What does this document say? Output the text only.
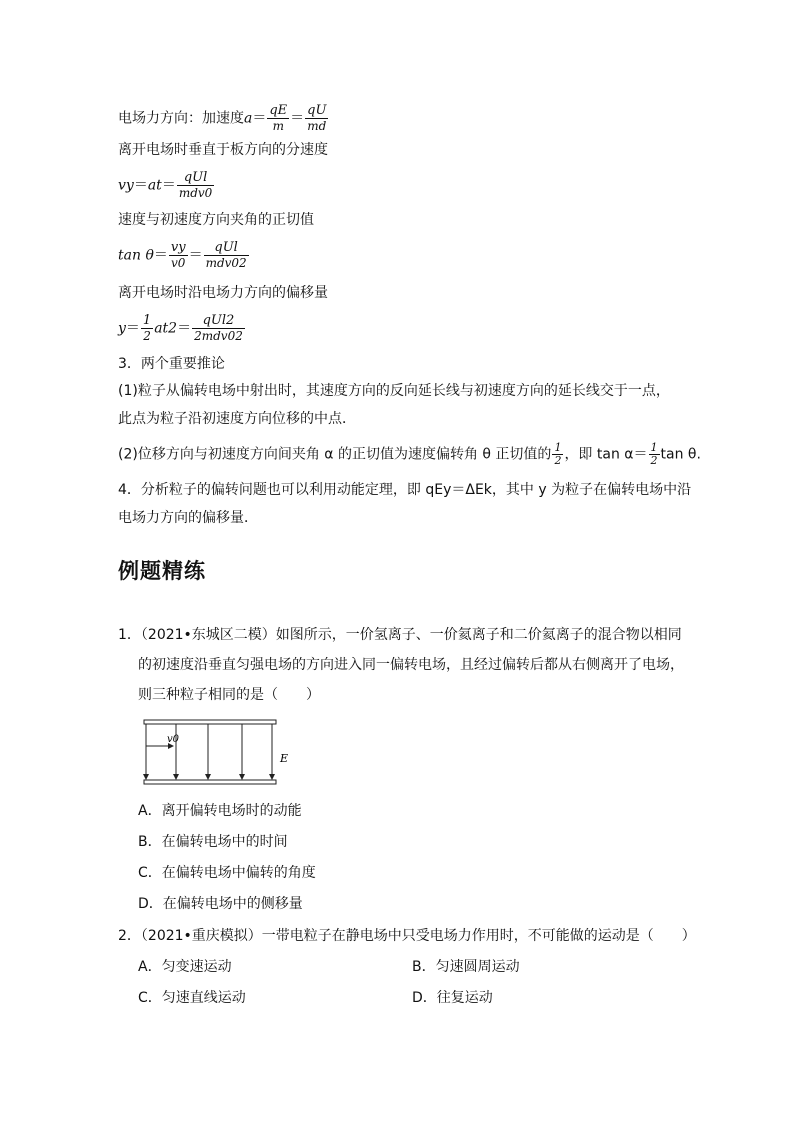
电场力方向：加速度$a= \frac{qE}{m} = \frac{qU}{md}$
离开电场时垂直于板方向的分速度
$vy=at= \frac{\text{qUl}}{\text{mdv0}}$
速度与初速度方向夹角的正切值
$\tan \theta= \frac{vy}{v0} = \frac{\text{qUl}}{\text{mdv02}}$
离开电场时沿电场力方向的偏移量
$y= \frac{1}{2} at2= \frac{\text{qUl2}}{\text{2mdv02}}$
3．两个重要推论
(1)粒子从偏转电场中射出时，其速度方向的反向延长线与初速度方向的延长线交于一点，
此点为粒子沿初速度方向位移的中点．
(2)位移方向与初速度方向间夹角 α 的正切值为速度偏转角 θ 正切值的 $\frac{1}{2}$ ，即 $\tan \alpha= \frac{1}{2}$ tan θ.
4．分析粒子的偏转问题也可以利用动能定理，即 qEy＝ΔEk，其中 y 为粒子在偏转电场中沿
电场力方向的偏移量．
例题精练
1．（2021•东城区二模）如图所示，一价氢离子、一价氦离子和二价氦离子的混合物以相同
的初速度沿垂直匀强电场的方向进入同一偏转电场，且经过偏转后都从右侧离开了电场，
则三种粒子相同的是（　　）
v0
E
A．离开偏转电场时的动能
B．在偏转电场中的时间
C．在偏转电场中偏转的角度
D．在偏转电场中的侧移量
2．（2021•重庆模拟）一带电粒子在静电场中只受电场力作用时，不可能做的运动是（　　）
A．匀变速运动	B．匀速圆周运动
C．匀速直线运动	D．往复运动
